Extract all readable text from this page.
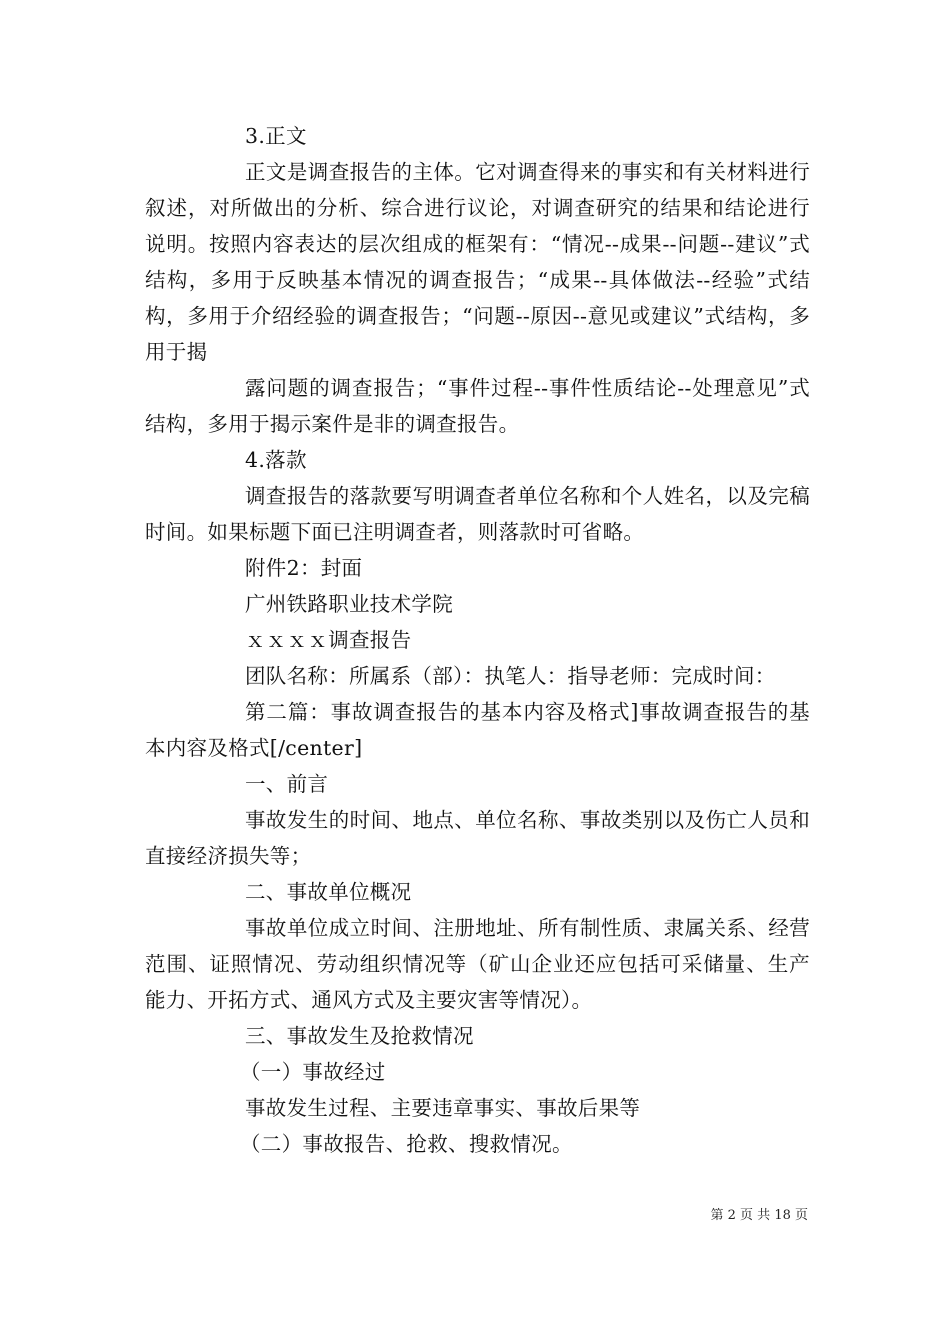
3.正文

正文是调查报告的主体。它对调查得来的事实和有关材料进行叙述，对所做出的分析、综合进行议论，对调查研究的结果和结论进行说明。按照内容表达的层次组成的框架有：“情况--成果--问题--建议”式结构，多用于反映基本情况的调查报告；“成果--具体做法--经验”式结构，多用于介绍经验的调查报告；“问题--原因--意见或建议”式结构，多用于揭

露问题的调查报告；“事件过程--事件性质结论--处理意见”式结构，多用于揭示案件是非的调查报告。

4.落款

调查报告的落款要写明调查者单位名称和个人姓名，以及完稿时间。如果标题下面已注明调查者，则落款时可省略。

附件2：封面

广州铁路职业技术学院

ｘｘｘｘ调查报告

团队名称：所属系（部）：执笔人：指导老师：完成时间：

第二篇：事故调查报告的基本内容及格式]事故调查报告的基本内容及格式[/center]

一、前言

事故发生的时间、地点、单位名称、事故类别以及伤亡人员和直接经济损失等；

二、事故单位概况

事故单位成立时间、注册地址、所有制性质、隶属关系、经营范围、证照情况、劳动组织情况等（矿山企业还应包括可采储量、生产能力、开拓方式、通风方式及主要灾害等情况）。

三、事故发生及抢救情况

（一）事故经过

事故发生过程、主要违章事实、事故后果等

（二）事故报告、抢救、搜救情况。

第 2 页 共 18 页
